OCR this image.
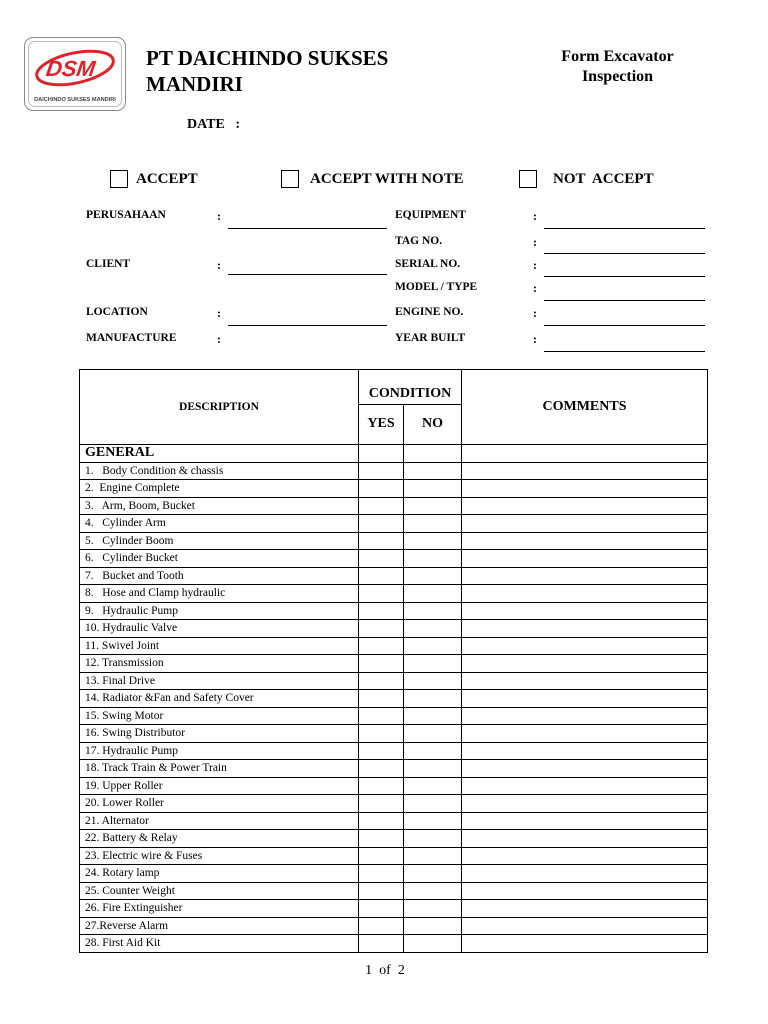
DSM
DAICHINDO SUKSES MANDIRI
PT DAICHINDO SUKSES
MANDIRI
Form Excavator
Inspection
DATE   :
ACCEPT	ACCEPT WITH NOTE	NOT  ACCEPT
PERUSAHAAN	:
CLIENT	:
LOCATION	:
MANUFACTURE	:
EQUIPMENT	:
TAG NO.	:
SERIAL NO.	:
MODEL / TYPE	:
ENGINE NO.	:
YEAR BUILT	:
DESCRIPTION	CONDITION		COMMENTS
	YES	NO	
GENERAL			
1.   Body Condition & chassis			
2.  Engine Complete			
3.   Arm, Boom, Bucket			
4.   Cylinder Arm			
5.   Cylinder Boom			
6.   Cylinder Bucket			
7.   Bucket and Tooth			
8.   Hose and Clamp hydraulic			
9.   Hydraulic Pump			
10. Hydraulic Valve			
11. Swivel Joint			
12. Transmission			
13. Final Drive			
14. Radiator &Fan and Safety Cover			
15. Swing Motor			
16. Swing Distributor			
17. Hydraulic Pump			
18. Track Train & Power Train			
19. Upper Roller			
20. Lower Roller			
21. Alternator			
22. Battery & Relay			
23. Electric wire & Fuses			
24. Rotary lamp			
25. Counter Weight			
26. Fire Extinguisher			
27.Reverse Alarm			
28. First Aid Kit			
1  of  2
